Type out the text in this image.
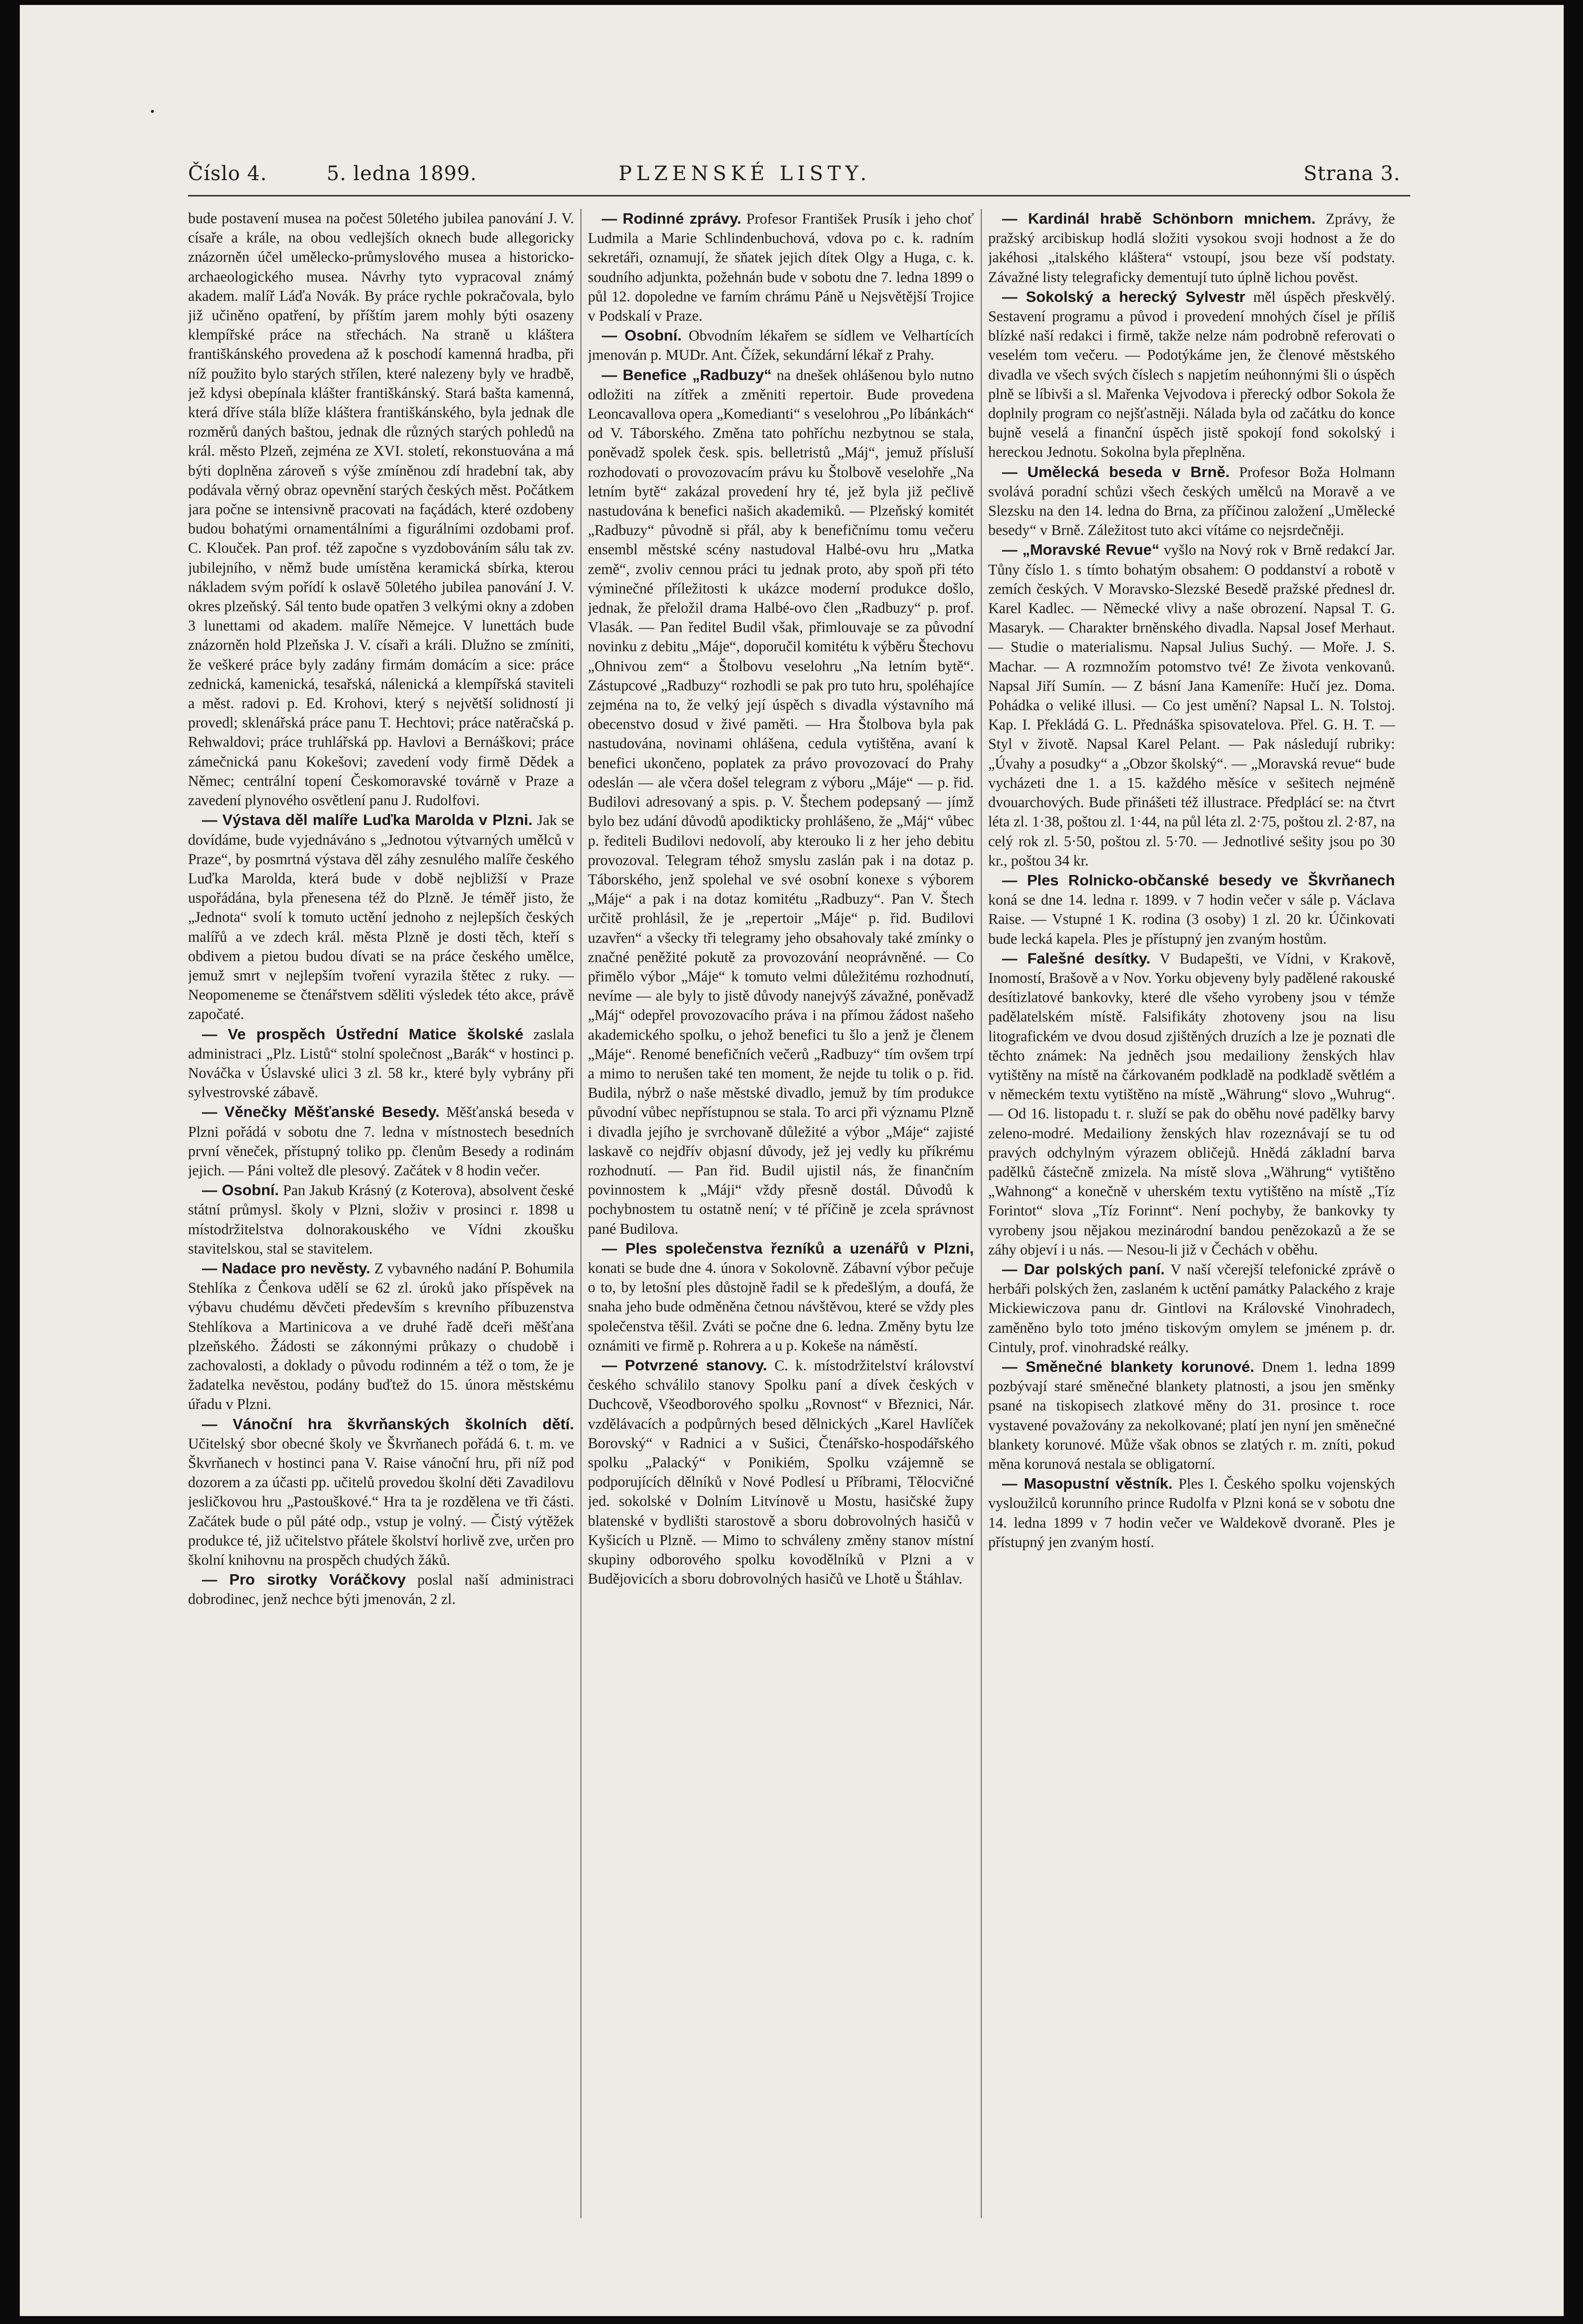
Číslo 4.	5. ledna 1899.	PLZENSKÉ LISTY.	Strana 3.

bude postavení musea na počest 50letého jubilea panování J. V. císaře a krále, na obou vedlejších oknech bude allegoricky znázorněn účel umělecko-průmyslového musea a historicko-archaeologického musea. Návrhy tyto vypracoval známý akadem. malíř Láďa Novák. By práce rychle pokračovala, bylo již učiněno opatření, by příštím jarem mohly býti osazeny klempířské práce na střechách. Na straně u kláštera františkánského provedena až k poschodí kamenná hradba, při níž použito bylo starých střílen, které nalezeny byly ve hradbě, jež kdysi obepínala klášter františkánský. Stará bašta kamenná, která dříve stála blíže kláštera františkánského, byla jednak dle rozměrů daných baštou, jednak dle různých starých pohledů na král. město Plzeň, zejména ze XVI. století, rekonstuována a má býti doplněna zároveň s výše zmíněnou zdí hradební tak, aby podávala věrný obraz opevnění starých českých měst. Počátkem jara počne se intensivně pracovati na façádách, které ozdobeny budou bohatými ornamentálními a figurálními ozdobami prof. C. Klouček. Pan prof. též započne s vyzdobováním sálu tak zv. jubilejního, v němž bude umístěna keramická sbírka, kterou nákladem svým pořídí k oslavě 50letého jubilea panování J. V. okres plzeňský. Sál tento bude opatřen 3 velkými okny a zdoben 3 lunettami od akadem. malíře Němejce. V lunettách bude znázorněn hold Plzeňska J. V. císaři a králi. Dlužno se zmíniti, že veškeré práce byly zadány firmám domácím a sice: práce zednická, kamenická, tesařská, nálenická a klempířská staviteli a měst. radovi p. Ed. Krohovi, který s největší solidností ji provedl; sklenářská práce panu T. Hechtovi; práce natěračská p. Rehwaldovi; práce truhlářská pp. Havlovi a Bernáškovi; práce zámečnická panu Kokešovi; zavedení vody firmě Dědek a Němec; centrální topení Českomoravské továrně v Praze a zavedení plynového osvětlení panu J. Rudolfovi.

— Výstava děl malíře Luďka Marolda v Plzni. Jak se dovídáme, bude vyjednáváno s „Jednotou výtvarných umělců v Praze“, by posmrtná výstava děl záhy zesnulého malíře českého Luďka Marolda, která bude v době nejbližší v Praze uspořádána, byla přenesena též do Plzně. Je téměř jisto, že „Jednota“ svolí k tomuto uctění jednoho z nejlepších českých malířů a ve zdech král. města Plzně je dosti těch, kteří s obdivem a pietou budou dívati se na práce českého umělce, jemuž smrt v nejlepším tvoření vyrazila štětec z ruky. — Neopomeneme se čtenářstvem sděliti výsledek této akce, právě započaté.

— Ve prospěch Ústřední Matice školské zaslala administraci „Plz. Listů“ stolní společnost „Barák“ v hostinci p. Nováčka v Úslavské ulici 3 zl. 58 kr., které byly vybrány při sylvestrovské zábavě.

— Věnečky Měšťanské Besedy. Měšťanská beseda v Plzni pořádá v sobotu dne 7. ledna v místnostech besedních první věneček, přístupný toliko pp. členům Besedy a rodinám jejich. — Páni voltež dle plesový. Začátek v 8 hodin večer.

— Osobní. Pan Jakub Krásný (z Koterova), absolvent české státní průmysl. školy v Plzni, složiv v prosinci r. 1898 u místodržitelstva dolnorakouského ve Vídni zkoušku stavitelskou, stal se stavitelem.

— Nadace pro nevěsty. Z vybavného nadání P. Bohumila Stehlíka z Čenkova udělí se 62 zl. úroků jako příspěvek na výbavu chudému děvčeti především s krevního příbuzenstva Stehlíkova a Martinicova a ve druhé řadě dceři měšťana plzeňského. Žádosti se zákonnými průkazy o chudobě i zachovalosti, a doklady o původu rodinném a též o tom, že je žadatelka nevěstou, podány buďtež do 15. února městskému úřadu v Plzni.

— Vánoční hra škvrňanských školních dětí. Učitelský sbor obecné školy ve Škvrňanech pořádá 6. t. m. ve Škvrňanech v hostinci pana V. Raise vánoční hru, při níž pod dozorem a za účasti pp. učitelů provedou školní děti Zavadilovu jesličkovou hru „Pastouškové.“ Hra ta je rozdělena ve tři části. Začátek bude o půl páté odp., vstup je volný. — Čistý výtěžek produkce té, již učitelstvo přátele školství horlivě zve, určen pro školní knihovnu na prospěch chudých žáků.

— Pro sirotky Voráčkovy poslal naší administraci dobrodinec, jenž nechce býti jmenován, 2 zl.

— Rodinné zprávy. Profesor František Prusík i jeho choť Ludmila a Marie Schlindenbuchová, vdova po c. k. radním sekretáři, oznamují, že sňatek jejich dítek Olgy a Huga, c. k. soudního adjunkta, požehnán bude v sobotu dne 7. ledna 1899 o půl 12. dopoledne ve farním chrámu Páně u Nejsvětější Trojice v Podskalí v Praze.

— Osobní. Obvodním lékařem se sídlem ve Velhartících jmenován p. MUDr. Ant. Čížek, sekundární lékař z Prahy.

— Benefice „Radbuzy“ na dnešek ohlášenou bylo nutno odložiti na zítřek a změniti repertoir. Bude provedena Leoncavallova opera „Komedianti“ s veselohrou „Po líbánkách“ od V. Táborského. Změna tato pohříchu nezbytnou se stala, poněvadž spolek česk. spis. belletristů „Máj“, jemuž přísluší rozhodovati o provozovacím právu ku Štolbově veselohře „Na letním bytě“ zakázal provedení hry té, jež byla již pečlivě nastudována k benefici našich akademiků. — Plzeňský komitét „Radbuzy“ původně si přál, aby k benefičnímu tomu večeru ensembl městské scény nastudoval Halbé-ovu hru „Matka země“, zvoliv cennou práci tu jednak proto, aby spoň při této výminečné příležitosti k ukázce moderní produkce došlo, jednak, že přeložil drama Halbé-ovo člen „Radbuzy“ p. prof. Vlasák. — Pan ředitel Budil však, přimlouvaje se za původní novinku z debitu „Máje“, doporučil komitétu k výběru Štechovu „Ohnivou zem“ a Štolbovu veselohru „Na letním bytě“. Zástupcové „Radbuzy“ rozhodli se pak pro tuto hru, spoléhajíce zejména na to, že velký její úspěch s divadla výstavního má obecenstvo dosud v živé paměti. — Hra Štolbova byla pak nastudována, novinami ohlášena, cedula vytištěna, avaní k benefici ukončeno, poplatek za právo provozovací do Prahy odeslán — ale včera došel telegram z výboru „Máje“ — p. řid. Budilovi adresovaný a spis. p. V. Štechem podepsaný — jímž bylo bez udání důvodů apodikticky prohlášeno, že „Máj“ vůbec p. řediteli Budilovi nedovolí, aby kterouko li z her jeho debitu provozoval. Telegram téhož smyslu zaslán pak i na dotaz p. Táborského, jenž spolehal ve své osobní konexe s výborem „Máje“ a pak i na dotaz komitétu „Radbuzy“. Pan V. Štech určitě prohlásil, že je „repertoir „Máje“ p. řid. Budilovi uzavřen“ a všecky tři telegramy jeho obsahovaly také zmínky o značné peněžité pokutě za provozování neoprávněné. — Co přimělo výbor „Máje“ k tomuto velmi důležitému rozhodnutí, nevíme — ale byly to jistě důvody nanejvýš závažné, poněvadž „Máj“ odepřel provozovacího práva i na přímou žádost našeho akademického spolku, o jehož benefici tu šlo a jenž je členem „Máje“. Renomé benefičních večerů „Radbuzy“ tím ovšem trpí a mimo to nerušen také ten moment, že nejde tu tolik o p. řid. Budila, nýbrž o naše městské divadlo, jemuž by tím produkce původní vůbec nepřístupnou se stala. To arci při významu Plzně i divadla jejího je svrchovaně důležité a výbor „Máje“ zajisté laskavě co nejdřív objasní důvody, jež jej vedly ku příkrému rozhodnutí. — Pan řid. Budil ujistil nás, že finančním povinnostem k „Máji“ vždy přesně dostál. Důvodů k pochybnostem tu ostatně není; v té příčině je zcela správnost pané Budilova.

— Ples společenstva řezníků a uzenářů v Plzni, konati se bude dne 4. února v Sokolovně. Zábavní výbor pečuje o to, by letošní ples důstojně řadil se k předešlým, a doufá, že snaha jeho bude odměněna četnou návštěvou, které se vždy ples společenstva těšil. Zváti se počne dne 6. ledna. Změny bytu lze oznámiti ve firmě p. Rohrera a u p. Kokeše na náměstí.

— Potvrzené stanovy. C. k. místodržitelství království českého schválilo stanovy Spolku paní a dívek českých v Duchcově, Všeodborového spolku „Rovnost“ v Březnici, Nár. vzdělávacích a podpůrných besed dělnických „Karel Havlíček Borovský“ v Radnici a v Sušici, Čtenářsko-hospodářského spolku „Palacký“ v Ponikiém, Spolku vzájemně se podporujících dělníků v Nové Podlesí u Příbrami, Tělocvičné jed. sokolské v Dolním Litvínově u Mostu, hasičské župy blatenské v bydlišti starostově a sboru dobrovolných hasičů v Kyšicích u Plzně. — Mimo to schváleny změny stanov místní skupiny odborového spolku kovodělníků v Plzni a v Budějovicích a sboru dobrovolných hasičů ve Lhotě u Štáhlav.

— Kardinál hrabě Schönborn mnichem. Zprávy, že pražský arcibiskup hodlá složiti vysokou svoji hodnost a že do jakéhosi „italského kláštera“ vstoupí, jsou beze vší podstaty. Závažné listy telegraficky dementují tuto úplně lichou pověst.

— Sokolský a herecký Sylvestr měl úspěch přeskvělý. Sestavení programu a původ i provedení mnohých čísel je příliš blízké naší redakci i firmě, takže nelze nám podrobně referovati o veselém tom večeru. — Podotýkáme jen, že členové městského divadla ve všech svých číslech s napjetím neúhonnými šli o úspěch plně se líbivši a sl. Mařenka Vejvodova i přerecký odbor Sokola že doplnily program co nejšťastněji. Nálada byla od začátku do konce bujně veselá a finanční úspěch jistě spokojí fond sokolský i hereckou Jednotu. Sokolna byla přeplněna.

— Umělecká beseda v Brně. Profesor Boža Holmann svolává poradní schůzi všech českých umělců na Moravě a ve Slezsku na den 14. ledna do Brna, za příčinou založení „Umělecké besedy“ v Brně. Záležitost tuto akci vítáme co nejsrdečněji.

— „Moravské Revue“ vyšlo na Nový rok v Brně redakcí Jar. Tůny číslo 1. s tímto bohatým obsahem: O poddanství a robotě v zemích českých. V Moravsko-Slezské Besedě pražské přednesl dr. Karel Kadlec. — Německé vlivy a naše obrození. Napsal T. G. Masaryk. — Charakter brněnského divadla. Napsal Josef Merhaut. — Studie o materialismu. Napsal Julius Suchý. — Moře. J. S. Machar. — A rozmnožím potomstvo tvé! Ze života venkovanů. Napsal Jiří Sumín. — Z básní Jana Kameníře: Hučí jez. Doma. Pohádka o veliké illusi. — Co jest umění? Napsal L. N. Tolstoj. Kap. I. Překládá G. L. Přednáška spisovatelova. Přel. G. H. T. — Styl v životě. Napsal Karel Pelant. — Pak následují rubriky: „Úvahy a posudky“ a „Obzor školský“. — „Moravská revue“ bude vycházeti dne 1. a 15. každého měsíce v sešitech nejméně dvouarchových. Bude přinášeti též illustrace. Předplácí se: na čtvrt léta zl. 1·38, poštou zl. 1·44, na půl léta zl. 2·75, poštou zl. 2·87, na celý rok zl. 5·50, poštou zl. 5·70. — Jednotlivé sešity jsou po 30 kr., poštou 34 kr.

— Ples Rolnicko-občanské besedy ve Škvrňanech koná se dne 14. ledna r. 1899. v 7 hodin večer v sále p. Václava Raise. — Vstupné 1 K. rodina (3 osoby) 1 zl. 20 kr. Účinkovati bude lecká kapela. Ples je přístupný jen zvaným hostům.

— Falešné desítky. V Budapešti, ve Vídni, v Krakově, Inomostí, Brašově a v Nov. Yorku objeveny byly padělené rakouské desítizlatové bankovky, které dle všeho vyrobeny jsou v témže padělatelském místě. Falsifikáty zhotoveny jsou na lisu litografickém ve dvou dosud zjištěných druzích a lze je poznati dle těchto známek: Na jedněch jsou medailiony ženských hlav vytištěny na místě na čárkovaném podkladě na podkladě světlém a v německém textu vytištěno na místě „Währung“ slovo „Wuhrug“. — Od 16. listopadu t. r. služí se pak do oběhu nové padělky barvy zeleno-modré. Medailiony ženských hlav rozeznávají se tu od pravých odchylným výrazem obličejů. Hnědá základní barva padělků částečně zmizela. Na místě slova „Währung“ vytištěno „Wahnong“ a konečně v uherském textu vytištěno na místě „Tíz Forintot“ slova „Tíz Forinnt“. Není pochyby, že bankovky ty vyrobeny jsou nějakou mezinárodní bandou penězokazů a že se záhy objeví i u nás. — Nesou-li již v Čechách v oběhu.

— Dar polských paní. V naší včerejší telefonické zprávě o herbáři polských žen, zaslaném k uctění památky Palackého z kraje Mickiewiczova panu dr. Gintlovi na Královské Vinohradech, zaměněno bylo toto jméno tiskovým omylem se jménem p. dr. Cintuly, prof. vinohradské reálky.

— Směnečné blankety korunové. Dnem 1. ledna 1899 pozbývají staré směnečné blankety platnosti, a jsou jen směnky psané na tiskopisech zlatkové měny do 31. prosince t. roce vystavené považovány za nekolkované; platí jen nyní jen směnečné blankety korunové. Může však obnos se zlatých r. m. zníti, pokud měna korunová nestala se obligatorní.

— Masopustní věstník. Ples I. Českého spolku vojenských vysloužilců korunního prince Rudolfa v Plzni koná se v sobotu dne 14. ledna 1899 v 7 hodin večer ve Waldekově dvoraně. Ples je přístupný jen zvaným hostí.
